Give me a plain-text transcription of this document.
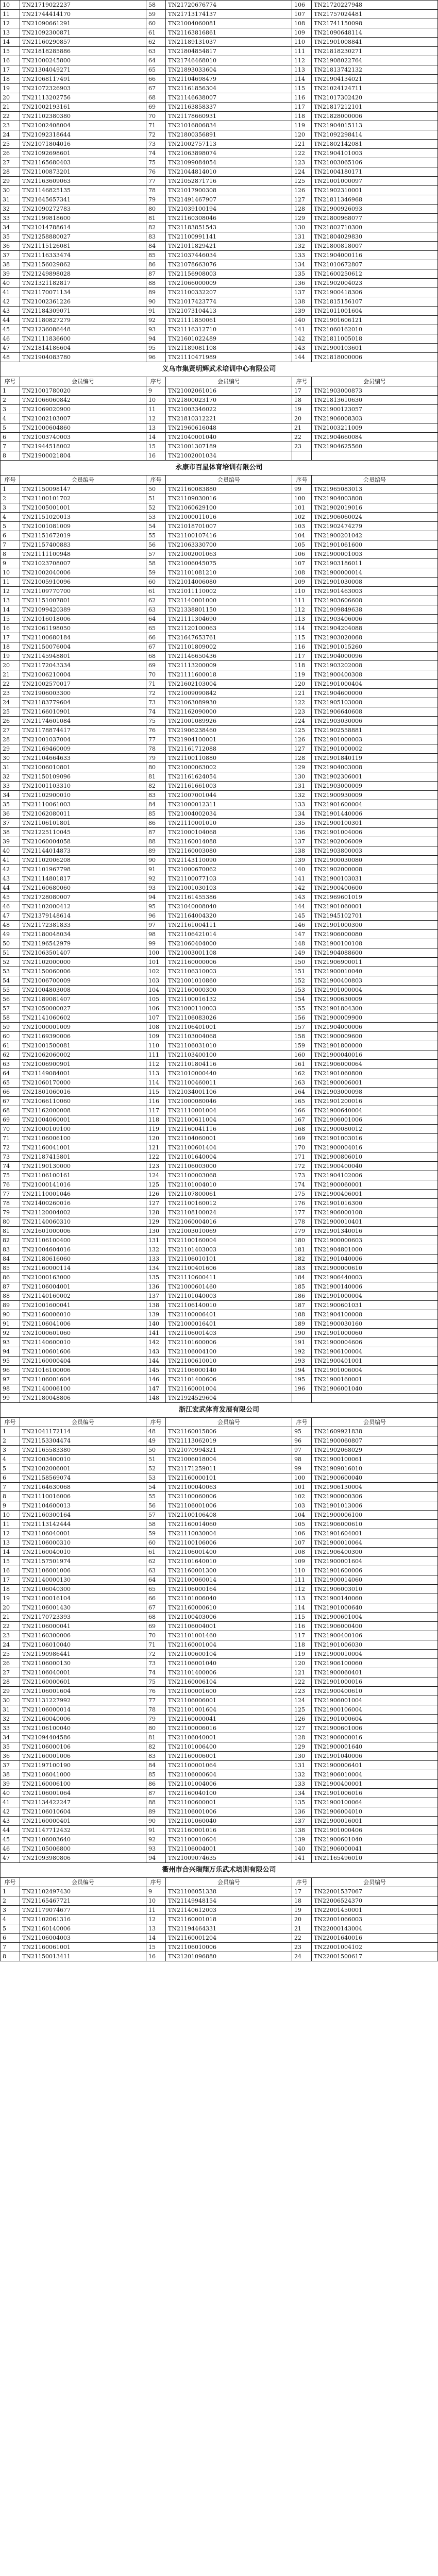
10	TN21719022237	58	TN21720676774	106	TN21720227948
11	TN21744414170	59	TN21713174137	107	TN21757024481
12	TN21090661291	60	TN21004060081	108	TN21741150098
13	TN21092300871	61	TN21163816861	109	TN21090648114
14	TN21160290857	62	TN21189131037	110	TN21901008841
15	TN21818285886	63	TN21804854817	111	TN21818230271
16	TN21000245800	64	TN21746468010	112	TN21908022764
17	TN21304049271	65	TN21893033604	113	TN21813742132
18	TN21068117491	66	TN21104698479	114	TN21904134021
19	TN21072326903	67	TN21161856304	115	TN21024124711
20	TN21113202756	68	TN21146638007	116	TN21017302420
21	TN21002193161	69	TN21163858337	117	TN21817212101
22	TN21102380380	70	TN21178660931	118	TN21828000006
23	TN21002408004	71	TN21016806834	119	TN21904015113
24	TN21092318644	72	TN21800356891	120	TN21092298414
25	TN21071804016	73	TN21002757113	121	TN21802142081
26	TN21092698601	74	TN21063898074	122	TN21904101003
27	TN21165680403	75	TN21099084054	123	TN21003065106
28	TN21100873201	76	TN21044814010	124	TN21004180171
29	TN21163609063	77	TN21052871716	125	TN21001000097
30	TN21146825135	78	TN21017900308	126	TN21902310001
31	TN21645657341	79	TN21491467907	127	TN21811346968
32	TN21090272783	80	TN21039100194	128	TN21900926093
33	TN21199818600	81	TN21160308046	129	TN21800968077
34	TN21014788614	82	TN21183851543	130	TN21802710300
35	TN21258880027	83	TN21100991141	131	TN21804029830
36	TN21115126081	84	TN21011829421	132	TN21800818007
37	TN21116333474	85	TN21037446034	133	TN21904000116
38	TN21156029862	86	TN21078663076	134	TN21010672807
39	TN21249898028	87	TN21156908003	135	TN21600250612
40	TN21321182817	88	TN21066000009	136	TN21902004023
41	TN21170071134	89	TN21100332207	137	TN21900418306
42	TN21002361226	90	TN21017423774	138	TN21815156107
43	TN21184309071	91	TN21073104413	139	TN21011001604
44	TN21180827279	92	TN21111850061	140	TN21901606121
45	TN21236086448	93	TN21116312710	141	TN21060162010
46	TN21111836600	94	TN21601022489	142	TN21811005018
47	TN21814186604	95	TN21189081108	143	TN21900103601
48	TN21904083780	96	TN21110471989	144	TN21818000006
义乌市集贤明辉武术培训中心有限公司
序号	会员编号	序号	会员编号	序号	会员编号
1	TN21001780020	9	TN21002061016	17	TN21903000873
2	TN21066060842	10	TN21800023170	18	TN21813610630
3	TN21069020900	11	TN21003346022	19	TN21900123057
4	TN21002103007	12	TN21810312221	20	TN21906008303
5	TN21000604860	13	TN21960616048	21	TN21003211009
6	TN21003740003	14	TN21040001040	22	TN21904660084
7	TN21944518002	15	TN21001307189	23	TN21904625560
8	TN21900021804	16	TN21002001034		
永康市百星体育培训有限公司
序号	会员编号	序号	会员编号	序号	会员编号
1	TN21150098147	50	TN21160083880	99	TN21965083013
2	TN21100101702	51	TN21109030016	100	TN21904003808
3	TN21005001001	52	TN21060629100	101	TN21902019016
4	TN21151020013	53	TN21000011016	102	TN21906060024
5	TN21001081009	54	TN21018701007	103	TN21902474279
6	TN21151672019	55	TN21100107416	104	TN21900201042
7	TN21157400883	56	TN21063330700	105	TN21901061600
8	TN21111100948	57	TN21002001063	106	TN21900001003
9	TN21023708007	58	TN21006045075	107	TN21903186011
10	TN21002040006	59	TN21101081210	108	TN21900000014
11	TN21005910096	60	TN21014006080	109	TN21901030008
12	TN21109770700	61	TN21011110002	110	TN21901463003
13	TN21151007801	62	TN21140001000	111	TN21903606608
14	TN21099420389	63	TN21338801150	112	TN21909849638
15	TN21016018006	64	TN21111304690	113	TN21903406006
16	TN21061198050	65	TN21120100063	114	TN21904204088
17	TN21100680184	66	TN21647653761	115	TN21903020068
18	TN21150076004	67	TN21101809002	116	TN21901015260
19	TN21145948801	68	TN21146650436	117	TN21904000096
20	TN21172043334	69	TN21113200009	118	TN21903202008
21	TN21006210004	70	TN21111600018	119	TN21900400308
22	TN21002570017	71	TN21602103004	120	TN21901000404
23	TN21906003300	72	TN21009090842	121	TN21904600000
24	TN21183779604	73	TN21063089930	122	TN21905103008
25	TN21166010901	74	TN21162090000	123	TN21906640608
26	TN21174601084	75	TN21001089926	124	TN21903030006
27	TN21178874417	76	TN21906238460	125	TN21902558881
28	TN21001037004	77	TN21904100001	126	TN21901000003
29	TN21169460009	78	TN21161712088	127	TN21901000002
30	TN21104664633	79	TN21100110880	128	TN21901840119
31	TN21006010801	80	TN21000063002	129	TN21904003008
32	TN21150109096	81	TN21161624054	130	TN21902306001
33	TN21001103310	82	TN21161661003	131	TN21903000009
34	TN21102900010	83	TN21007001044	132	TN21900930009
35	TN21110061003	84	TN21000012311	133	TN21901600004
36	TN21062080011	85	TN21004002034	134	TN21901440006
37	TN21106101801	86	TN21110001010	135	TN21900100301
38	TN21225110045	87	TN21000104068	136	TN21901004006
39	TN21060004058	88	TN21160014088	137	TN21902006009
40	TN21144014873	89	TN21160003080	138	TN21903800003
41	TN21102006208	90	TN21143110090	139	TN21900030080
42	TN21101967798	91	TN21000670062	140	TN21902000008
43	TN21114801817	92	TN21100077103	141	TN21900103031
44	TN21160680060	93	TN21001030103	142	TN21900400600
45	TN21728080007	94	TN21161455386	143	TN21969601019
46	TN21102000412	95	TN21040008040	144	TN21901060001
47	TN21379148614	96	TN21164004320	145	TN21945102701
48	TN21172381833	97	TN21161004111	146	TN21901000300
49	TN21180048034	98	TN21106421014	147	TN21906000080
50	TN21196542979	99	TN21060404000	148	TN21900100108
51	TN21063501407	100	TN21003001108	149	TN21904088600
52	TN21102000000	101	TN21160000006	150	TN21906900011
53	TN21150060006	102	TN21106310003	151	TN21900010040
54	TN21006700009	103	TN21001010860	152	TN21900400803
55	TN21004803008	104	TN21160000300	153	TN21901000004
56	TN21189081407	105	TN21100016132	154	TN21900630009
57	TN21050000027	106	TN21000110003	155	TN21901804300
58	TN21141060602	107	TN21106083026	156	TN21900009900
59	TN21000001009	108	TN21106401001	157	TN21904000006
60	TN21169390006	109	TN21103004068	158	TN21900009600
61	TN21001500081	110	TN21106031010	159	TN21901800000
62	TN21062060002	111	TN21103400100	160	TN21900040016
63	TN21006900901	112	TN21101804116	161	TN21906000064
64	TN21149084001	113	TN21010000440	162	TN21901060800
65	TN21060170000	114	TN21100460011	163	TN21900006001
66	TN21801060016	115	TN21034001106	164	TN21903000098
67	TN21066110060	116	TN21000080046	165	TN21901200016
68	TN21162000008	117	TN21110001004	166	TN21900640004
69	TN21004060001	118	TN21100611004	167	TN21906001006
70	TN21000109100	119	TN21160041116	168	TN21900080012
71	TN21106006100	120	TN21104060001	169	TN21901003016
72	TN21160041001	121	TN21100601404	170	TN21900004016
73	TN21187415801	122	TN21101640004	171	TN21900806010
74	TN21190130000	123	TN21106003000	172	TN21900400040
75	TN21106100161	124	TN21100003068	173	TN21904102006
76	TN21000141016	125	TN21101004010	174	TN21900060001
77	TN21110001046	126	TN21107800061	175	TN21900406001
78	TN21400260016	127	TN21100160012	176	TN21901016300
79	TN21120004002	128	TN21108100024	177	TN21906000108
80	TN21140060310	129	TN21060004016	178	TN21900010401
81	TN21601000006	130	TN21003010069	179	TN21901340016
82	TN21106100400	131	TN21100160004	180	TN21900000603
83	TN21004604016	132	TN21101403003	181	TN21904801000
84	TN21180616060	133	TN21106010101	182	TN21901040006
85	TN21160000114	134	TN21100401606	183	TN21900000610
86	TN21000163000	135	TN21110600411	184	TN21906440003
87	TN21106004001	136	TN21000601460	185	TN21900140006
88	TN21140160002	137	TN21101040003	186	TN21901000004
89	TN21001600041	138	TN21106140010	187	TN21900601031
90	TN21160006010	139	TN21100006401	188	TN21904100008
91	TN21106041006	140	TN21000016401	189	TN21900030160
92	TN21000601060	141	TN21106001403	190	TN21901000060
93	TN21140600010	142	TN21101600006	191	TN21900004606
94	TN21100601606	143	TN21106004100	192	TN21906100004
95	TN21160000404	144	TN21100610010	193	TN21900401001
96	TN21016100006	145	TN21106000140	194	TN21901006004
97	TN21106001604	146	TN21101400606	195	TN21900160001
98	TN21140006100	147	TN21160001004	196	TN21906001040
99	TN21180048806	148	TN21924529604		
浙江宏武体育发展有限公司
序号	会员编号	序号	会员编号	序号	会员编号
1	TN21041172114	48	TN21160015806	95	TN21609921838
2	TN21153304474	49	TN21113062019	96	TN21900060807
3	TN21165583380	50	TN21070994321	97	TN21902068029
4	TN21003400010	51	TN21006018004	98	TN21900100061
5	TN21002006001	52	TN21171259011	99	TN21909016010
6	TN21158569074	53	TN21160000101	100	TN21900600040
7	TN21164630068	54	TN21100040063	101	TN21906130004
8	TN21110016006	55	TN21100060006	102	TN21900000306
9	TN21104600013	56	TN21106001006	103	TN21901013006
10	TN21160300164	57	TN21100106408	104	TN21900006100
11	TN21113142444	58	TN21160014060	105	TN21906000610
12	TN21106040001	59	TN21110030004	106	TN21901604001
13	TN21106000310	60	TN21100106006	107	TN21900010064
14	TN21160040010	61	TN21106001400	108	TN21906400300
15	TN21157501974	62	TN21101640010	109	TN21900001604
16	TN21106001006	63	TN21160001300	110	TN21901600006
17	TN21140000130	64	TN21100060014	111	TN21900014060
18	TN21106040300	65	TN21106000164	112	TN21906003010
19	TN21100016104	66	TN21101006040	113	TN21900140060
20	TN21106001430	67	TN21160000610	114	TN21901000640
21	TN21170723393	68	TN21100403006	115	TN21900601004
22	TN21106000041	69	TN21106004001	116	TN21906000400
23	TN21160300006	70	TN21101001460	117	TN21900400106
24	TN21106010040	71	TN21160001004	118	TN21901006030
25	TN21190986441	72	TN21100600104	119	TN21900010004
26	TN21106000130	73	TN21106001040	120	TN21906100060
27	TN21106040001	74	TN21101400006	121	TN21900060401
28	TN21160000601	75	TN21160006104	122	TN21901000016
29	TN21106001604	76	TN21100001600	123	TN21900400610
30	TN21131227992	77	TN21106006001	124	TN21906001004
31	TN21106000014	78	TN21101001604	125	TN21900106004
32	TN21160040006	79	TN21160000041	126	TN21901000604
33	TN21106100040	80	TN21100006016	127	TN21900601006
34	TN21094404586	81	TN21106040001	128	TN21906000016
35	TN21106000106	82	TN21101006400	129	TN21900001640
36	TN21160001006	83	TN21160006001	130	TN21901040006
37	TN21197100190	84	TN21100001064	131	TN21900006401
38	TN21106041000	85	TN21106000604	132	TN21906010004
39	TN21160006100	86	TN21101004006	133	TN21900400001
40	TN21106001064	87	TN21160040100	134	TN21901006016
41	TN21134422247	88	TN21100600001	135	TN21900100064
42	TN21106010604	89	TN21106001006	136	TN21906004010
43	TN21160000401	90	TN21101060040	137	TN21900016001
44	TN21147712432	91	TN21160001016	138	TN21901000406
45	TN21106003640	92	TN21100010604	139	TN21900601040
46	TN21105006800	93	TN21106004001	140	TN21906000041
47	TN21093980806	94	TN21009074635	141	TN21165496010
衢州市合兴瑞翔万乐武术培训有限公司
序号	会员编号	序号	会员编号	序号	会员编号
1	TN21102497430	9	TN21106051338	17	TN22001537067
2	TN21165467721	10	TN21149948154	18	TN22006524370
3	TN21179074677	11	TN21140612003	19	TN22001450001
4	TN21102061316	12	TN21160001018	20	TN22001066003
5	TN21160140006	13	TN21194464331	21	TN22000143004
6	TN21106004003	14	TN21160001204	22	TN22001640016
7	TN21160061001	15	TN21106010006	23	TN22001004102
8	TN21150013411	16	TN21201096880	24	TN22001500617
